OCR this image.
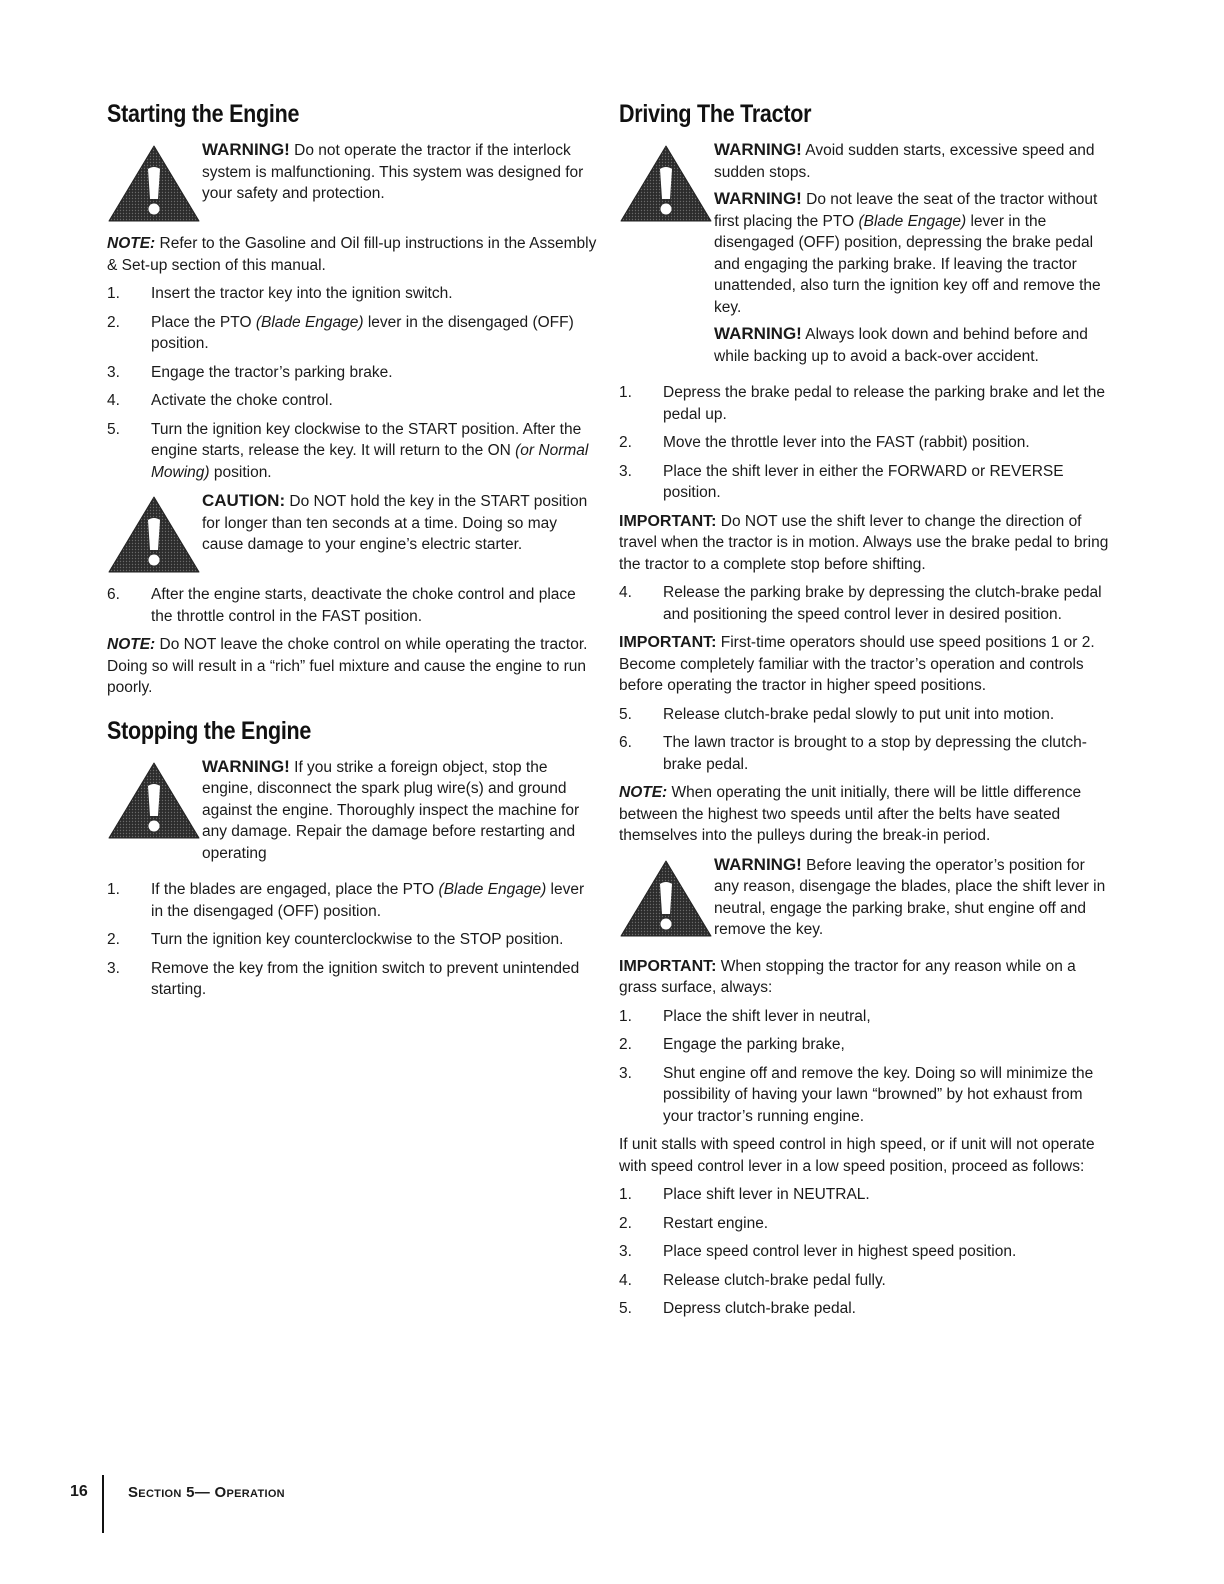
Starting the Engine

WARNING! Do not operate the tractor if the interlock system is malfunctioning. This system was designed for your safety and protection.

NOTE: Refer to the Gasoline and Oil fill-up instructions in the Assembly & Set-up section of this manual.

1.	Insert the tractor key into the ignition switch.
2.	Place the PTO (Blade Engage) lever in the disengaged (OFF) position.
3.	Engage the tractor’s parking brake.
4.	Activate the choke control.
5.	Turn the ignition key clockwise to the START position. After the engine starts, release the key. It will return to the ON (or Normal Mowing) position.

CAUTION: Do NOT hold the key in the START position for longer than ten seconds at a time. Doing so may cause damage to your engine’s electric starter.

6.	After the engine starts, deactivate the choke control and place the throttle control in the FAST position.

NOTE: Do NOT leave the choke control on while operating the tractor. Doing so will result in a “rich” fuel mixture and cause the engine to run poorly.

Stopping the Engine

WARNING! If you strike a foreign object, stop the engine, disconnect the spark plug wire(s) and ground against the engine. Thoroughly inspect the machine for any damage. Repair the damage before restarting and operating

1.	If the blades are engaged, place the PTO (Blade Engage) lever in the disengaged (OFF) position.
2.	Turn the ignition key counterclockwise to the STOP position.
3.	Remove the key from the ignition switch to prevent unintended starting.
Driving The Tractor

WARNING! Avoid sudden starts, excessive speed and sudden stops.

WARNING! Do not leave the seat of the tractor without first placing the PTO (Blade Engage) lever in the disengaged (OFF) position, depressing the brake pedal and engaging the parking brake. If leaving the tractor unattended, also turn the ignition key off and remove the key.

WARNING! Always look down and behind before and while backing up to avoid a back-over accident.

1.	Depress the brake pedal to release the parking brake and let the pedal up.
2.	Move the throttle lever into the FAST (rabbit) position.
3.	Place the shift lever in either the FORWARD or REVERSE position.

IMPORTANT: Do NOT use the shift lever to change the direction of travel when the tractor is in motion. Always use the brake pedal to bring the tractor to a complete stop before shifting.

4.	Release the parking brake by depressing the clutch-brake pedal and positioning the speed control lever in desired position.

IMPORTANT: First-time operators should use speed positions 1 or 2. Become completely familiar with the tractor’s operation and controls before operating the tractor in higher speed positions.

5.	Release clutch-brake pedal slowly to put unit into motion.
6.	The lawn tractor is brought to a stop by depressing the clutch-brake pedal.

NOTE: When operating the unit initially, there will be little difference between the highest two speeds until after the belts have seated themselves into the pulleys during the break-in period.

WARNING! Before leaving the operator’s position for any reason, disengage the blades, place the shift lever in neutral, engage the parking brake, shut engine off and remove the key.

IMPORTANT: When stopping the tractor for any reason while on a grass surface, always:

1.	Place the shift lever in neutral,
2.	Engage the parking brake,
3.	Shut engine off and remove the key. Doing so will minimize the possibility of having your lawn “browned” by hot exhaust from your tractor’s running engine.

If unit stalls with speed control in high speed, or if unit will not operate with speed control lever in a low speed position, proceed as follows:

1.	Place shift lever in NEUTRAL.
2.	Restart engine.
3.	Place speed control lever in highest speed position.
4.	Release clutch-brake pedal fully.
5.	Depress clutch-brake pedal.
16	Section 5— Operation
